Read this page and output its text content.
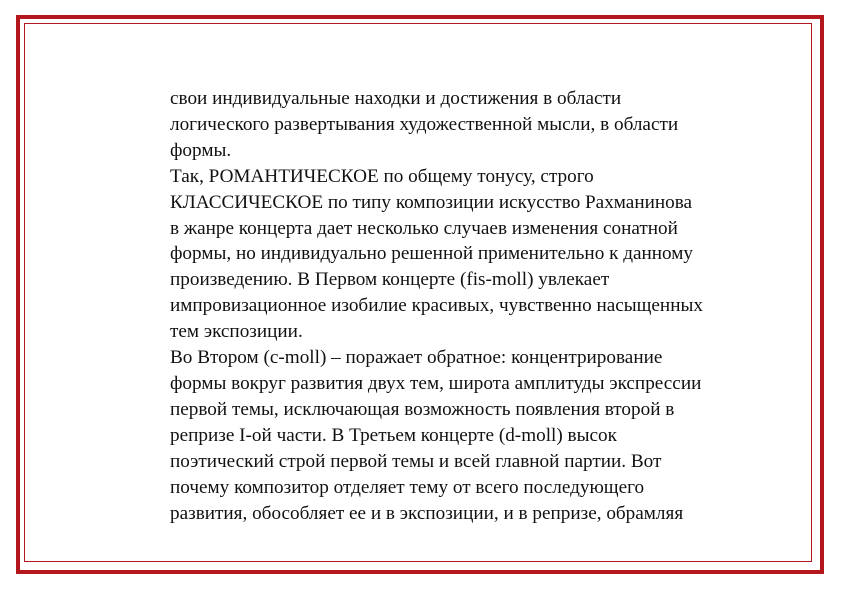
свои индивидуальные находки и достижения в области
логического развертывания художественной мысли, в области
формы.
Так, РОМАНТИЧЕСКОЕ по общему тонусу, строго
КЛАССИЧЕСКОЕ по типу композиции искусство Рахманинова
в жанре концерта дает несколько случаев изменения сонатной
формы, но индивидуально решенной применительно к данному
произведению. В Первом концерте (fis-moll) увлекает
импровизационное изобилие красивых, чувственно насыщенных
тем экспозиции.
Во Втором (c-moll) – поражает обратное: концентрирование
формы вокруг развития двух тем, широта амплитуды экспрессии
первой темы, исключающая возможность появления второй в
репризе I-ой части. В Третьем концерте (d-moll) высок
поэтический строй первой темы и всей главной партии. Вот
почему композитор отделяет тему от всего последующего
развития, обособляет ее и в экспозиции, и в репризе, обрамляя
